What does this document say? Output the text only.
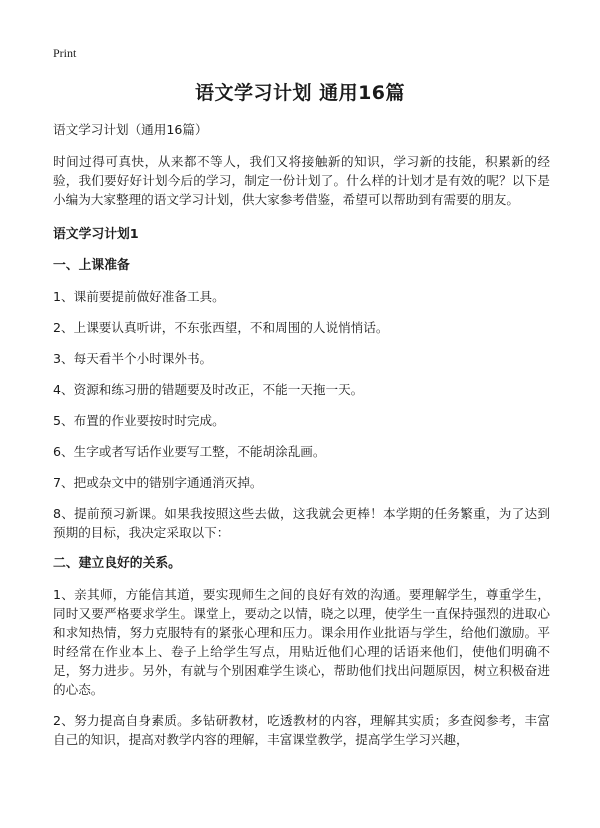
Print
语文学习计划 通用16篇

语文学习计划（通用16篇）

时间过得可真快，从来都不等人，我们又将接触新的知识，学习新的技能，积累新的经验，我们要好好计划今后的学习，制定一份计划了。什么样的计划才是有效的呢？以下是小编为大家整理的语文学习计划，供大家参考借鉴，希望可以帮助到有需要的朋友。

语文学习计划1

一、上课准备

1、课前要提前做好准备工具。

2、上课要认真听讲，不东张西望，不和周围的人说悄悄话。

3、每天看半个小时课外书。

4、资源和练习册的错题要及时改正，不能一天拖一天。

5、布置的作业要按时时完成。

6、生字或者写话作业要写工整，不能胡涂乱画。

7、把或杂文中的错别字通通消灭掉。

8、提前预习新课。如果我按照这些去做，这我就会更棒！本学期的任务繁重，为了达到预期的目标，我决定采取以下：

二、建立良好的关系。

1、亲其师，方能信其道，要实现师生之间的良好有效的沟通。要理解学生，尊重学生，同时又要严格要求学生。课堂上，要动之以情，晓之以理，使学生一直保持强烈的进取心和求知热情，努力克服特有的紧张心理和压力。课余用作业批语与学生，给他们激励。平时经常在作业本上、卷子上给学生写点，用贴近他们心理的话语来他们，使他们明确不足，努力进步。另外，有就与个别困难学生谈心，帮助他们找出问题原因，树立积极奋进的心态。

2、努力提高自身素质。多钻研教材，吃透教材的内容，理解其实质；多查阅参考，丰富自己的知识，提高对教学内容的理解，丰富课堂教学，提高学生学习兴趣，
